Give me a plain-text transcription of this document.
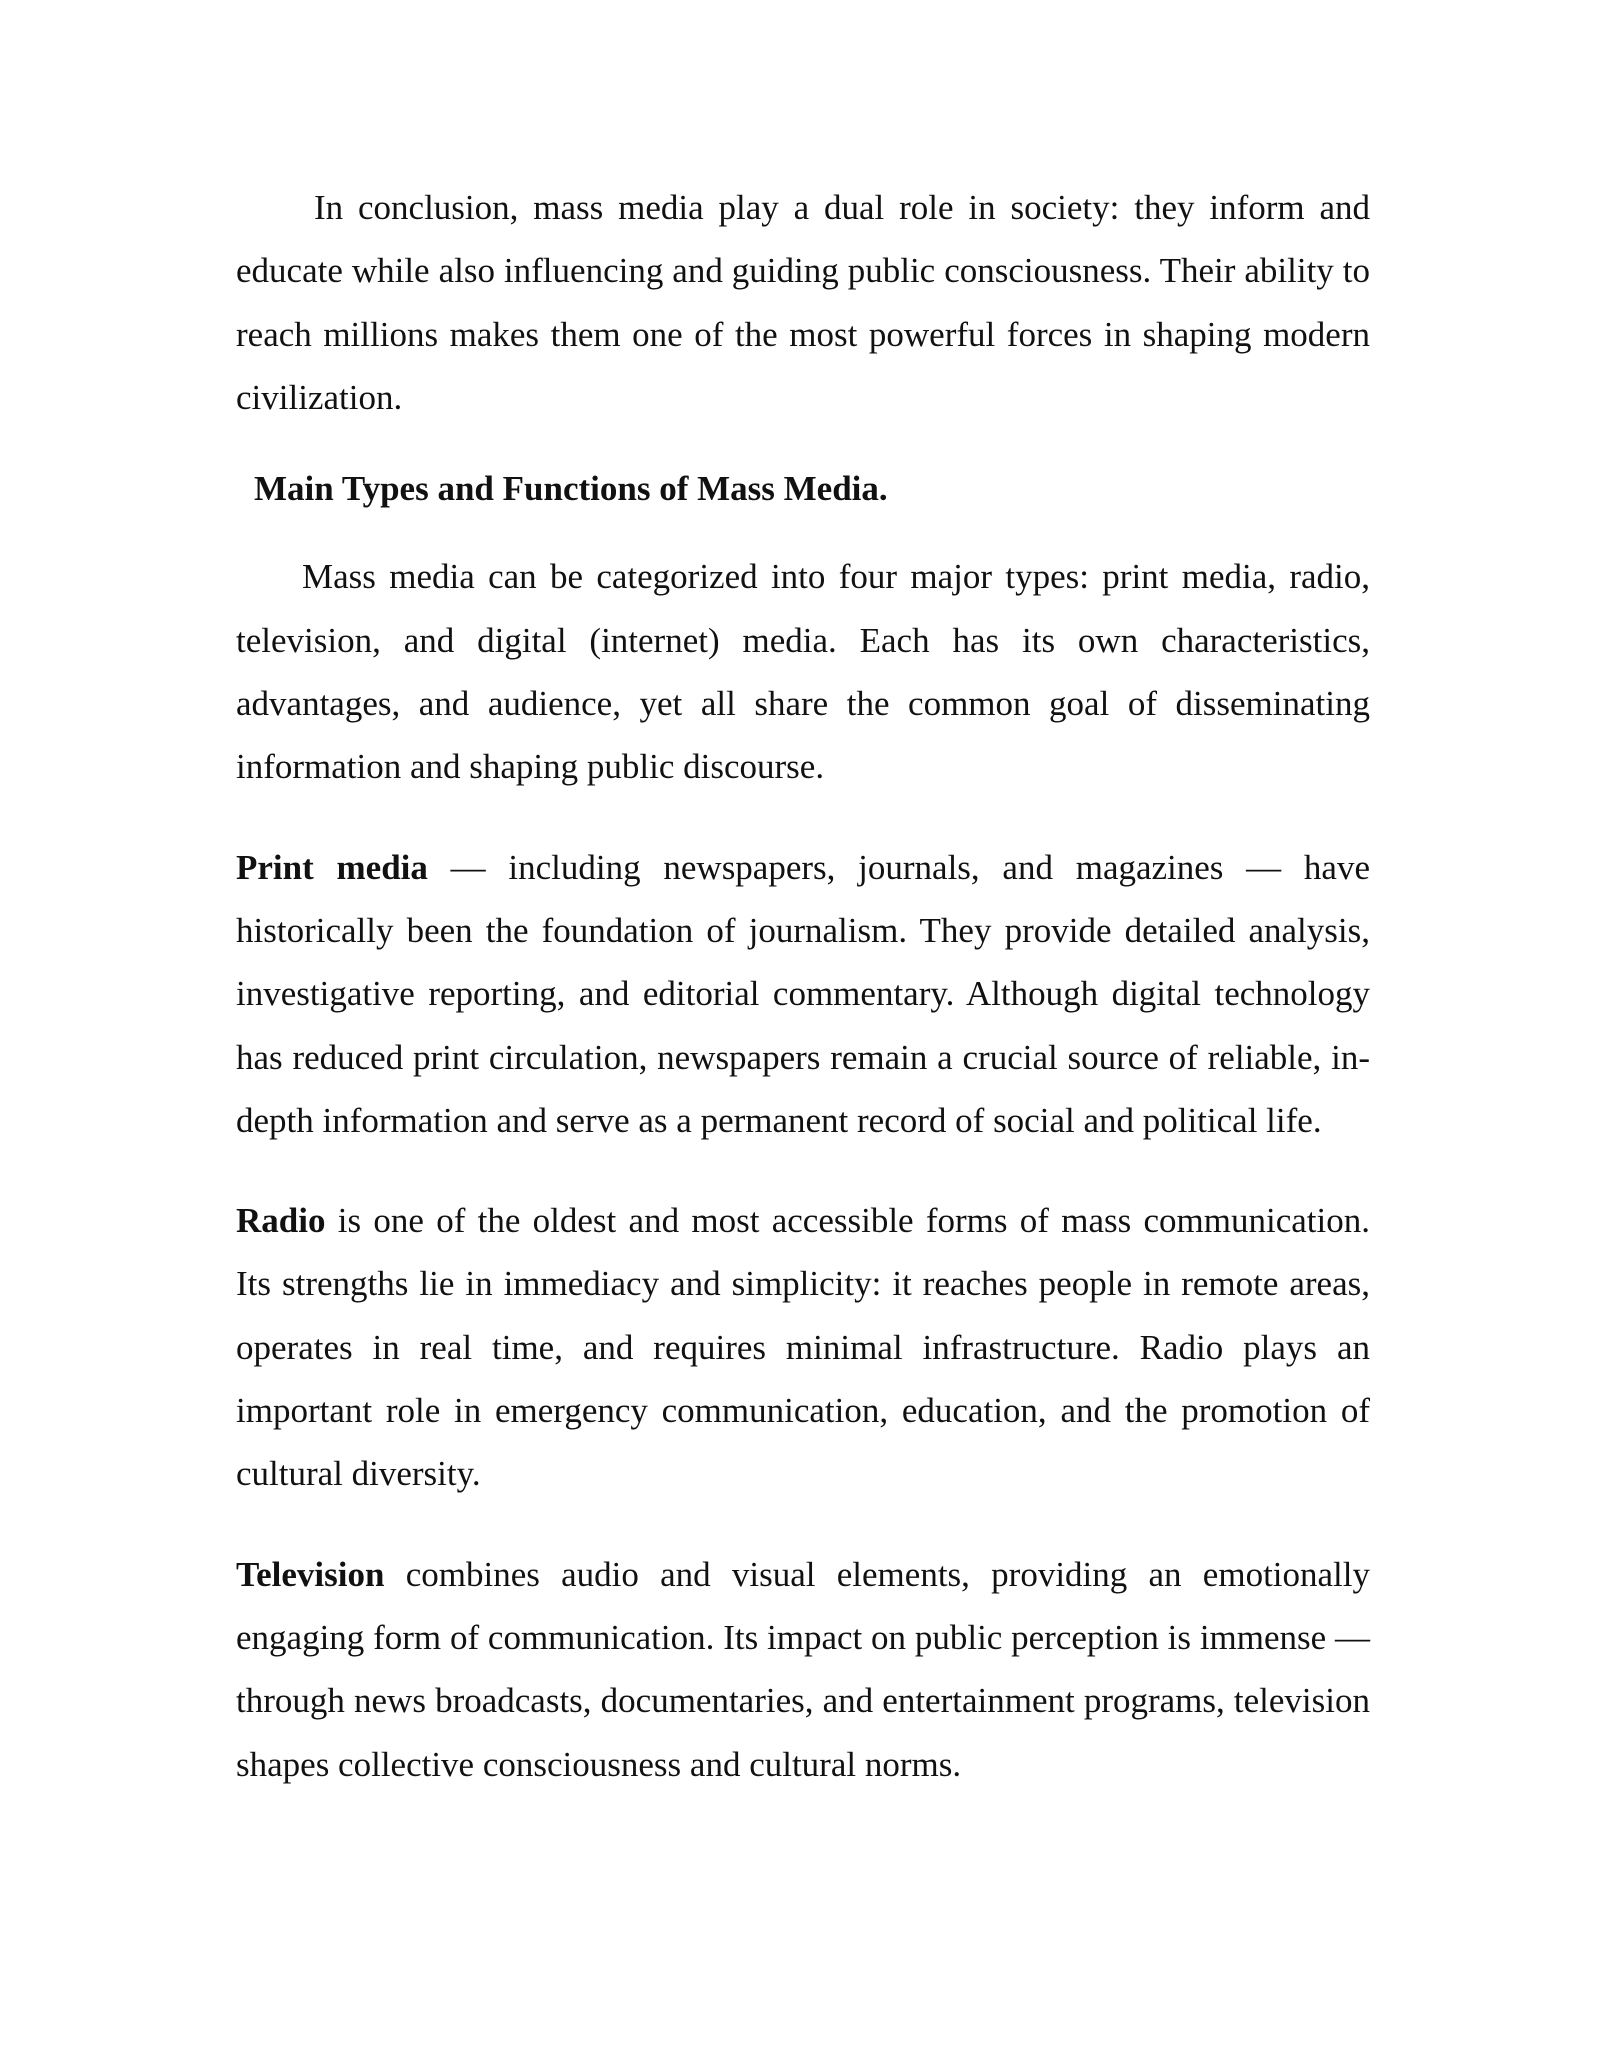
In conclusion, mass media play a dual role in society: they inform and educate while also influencing and guiding public consciousness. Their ability to reach millions makes them one of the most powerful forces in shaping modern civilization.

Main Types and Functions of Mass Media.

Mass media can be categorized into four major types: print media, radio, television, and digital (internet) media. Each has its own characteristics, advantages, and audience, yet all share the common goal of disseminating information and shaping public discourse.

Print media — including newspapers, journals, and magazines — have historically been the foundation of journalism. They provide detailed analysis, investigative reporting, and editorial commentary. Although digital technology has reduced print circulation, newspapers remain a crucial source of reliable, in-depth information and serve as a permanent record of social and political life.

Radio is one of the oldest and most accessible forms of mass communication. Its strengths lie in immediacy and simplicity: it reaches people in remote areas, operates in real time, and requires minimal infrastructure. Radio plays an important role in emergency communication, education, and the promotion of cultural diversity.

Television combines audio and visual elements, providing an emotionally engaging form of communication. Its impact on public perception is immense — through news broadcasts, documentaries, and entertainment programs, television shapes collective consciousness and cultural norms.
